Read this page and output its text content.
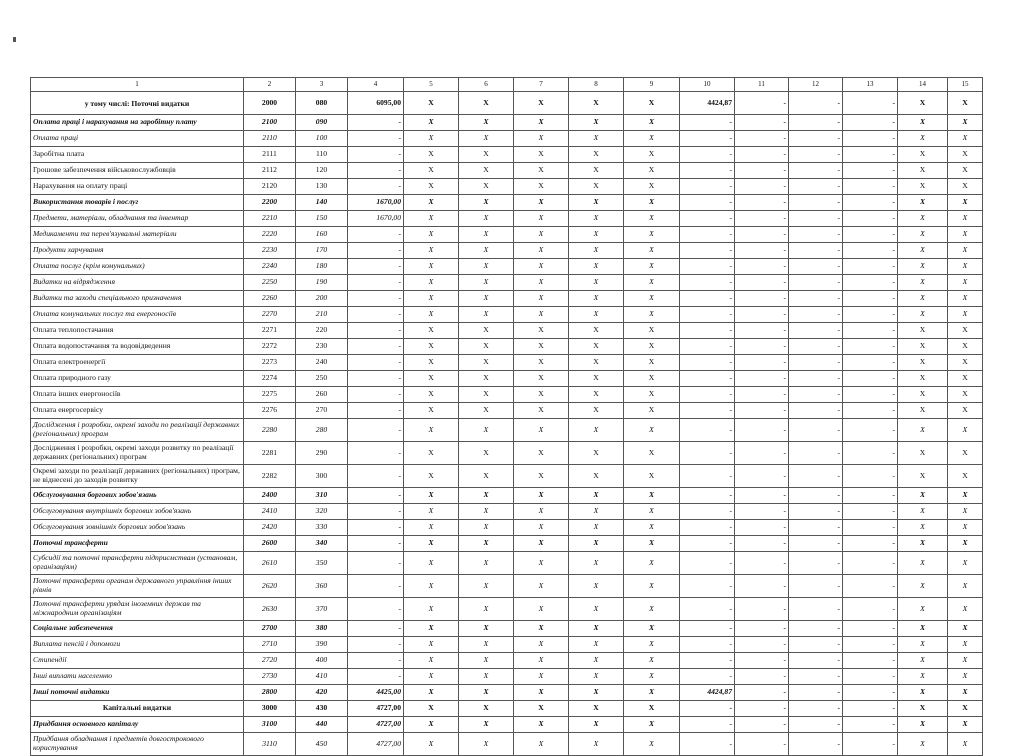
1	2	3	4	5	6	7	8	9	10	11	12	13	14	15
у тому числі: Поточні видатки	2000	080	6095,00	X	X	X	X	X	4424,87	-	-	-	X	X
Оплата праці і нарахування на заробітну плату	2100	090	-	X	X	X	X	X	-	-	-	-	X	X
Оплата праці	2110	100	-	X	X	X	X	X	-	-	-	-	X	X
Заробітна плата	2111	110	-	X	X	X	X	X	-	-	-	-	X	X
Грошове забезпечення військовослужбовців	2112	120	-	X	X	X	X	X	-	-	-	-	X	X
Нарахування на оплату праці	2120	130	-	X	X	X	X	X	-	-	-	-	X	X
Використання товарів і послуг	2200	140	1670,00	X	X	X	X	X	-	-	-	-	X	X
Предмети, матеріали, обладнання та інвентар	2210	150	1670,00	X	X	X	X	X	-	-	-	-	X	X
Медикаменти та перев'язувальні матеріали	2220	160	-	X	X	X	X	X	-	-	-	-	X	X
Продукти харчування	2230	170	-	X	X	X	X	X	-	-	-	-	X	X
Оплата послуг (крім комунальних)	2240	180	-	X	X	X	X	X	-	-	-	-	X	X
Видатки на відрядження	2250	190	-	X	X	X	X	X	-	-	-	-	X	X
Видатки та заходи спеціального призначення	2260	200	-	X	X	X	X	X	-	-	-	-	X	X
Оплата комунальних послуг та енергоносіїв	2270	210	-	X	X	X	X	X	-	-	-	-	X	X
Оплата теплопостачання	2271	220	-	X	X	X	X	X	-	-	-	-	X	X
Оплата водопостачання та водовідведення	2272	230	-	X	X	X	X	X	-	-	-	-	X	X
Оплата електроенергії	2273	240	-	X	X	X	X	X	-	-	-	-	X	X
Оплата природного газу	2274	250	-	X	X	X	X	X	-	-	-	-	X	X
Оплата інших енергоносіїв	2275	260	-	X	X	X	X	X	-	-	-	-	X	X
Оплата енергосервісу	2276	270	-	X	X	X	X	X	-	-	-	-	X	X
Дослідження і розробки, окремі заходи по реалізації державних (регіональних) програм	2280	280	-	X	X	X	X	X	-	-	-	-	X	X
Дослідження і розробки, окремі заходи розвитку по реалізації державних (регіональних) програм	2281	290	-	X	X	X	X	X	-	-	-	-	X	X
Окремі заходи по реалізації державних (регіональних) програм, не віднесені до заходів розвитку	2282	300	-	X	X	X	X	X	-	-	-	-	X	X
Обслуговування боргових зобов'язань	2400	310	-	X	X	X	X	X	-	-	-	-	X	X
Обслуговування внутрішніх боргових зобов'язань	2410	320	-	X	X	X	X	X	-	-	-	-	X	X
Обслуговування зовнішніх боргових зобов'язань	2420	330	-	X	X	X	X	X	-	-	-	-	X	X
Поточні трансферти	2600	340	-	X	X	X	X	X	-	-	-	-	X	X
Субсидії та поточні трансферти підприємствам (установам, організаціям)	2610	350	-	X	X	X	X	X	-	-	-	-	X	X
Поточні трансферти органам державного управління інших рівнів	2620	360	-	X	X	X	X	X	-	-	-	-	X	X
Поточні трансферти урядам іноземних держав та міжнародним організаціям	2630	370	-	X	X	X	X	X	-	-	-	-	X	X
Соціальне забезпечення	2700	380	-	X	X	X	X	X	-	-	-	-	X	X
Виплата пенсій і допомоги	2710	390	-	X	X	X	X	X	-	-	-	-	X	X
Стипендії	2720	400	-	X	X	X	X	X	-	-	-	-	X	X
Інші виплати населенню	2730	410	-	X	X	X	X	X	-	-	-	-	X	X
Інші поточні видатки	2800	420	4425,00	X	X	X	X	X	4424,87	-	-	-	X	X
Капітальні видатки	3000	430	4727,00	X	X	X	X	X	-	-	-	-	X	X
Придбання основного капіталу	3100	440	4727,00	X	X	X	X	X	-	-	-	-	X	X
Придбання обладнання і предметів довгострокового користування	3110	450	4727,00	X	X	X	X	X	-	-	-	-	X	X
